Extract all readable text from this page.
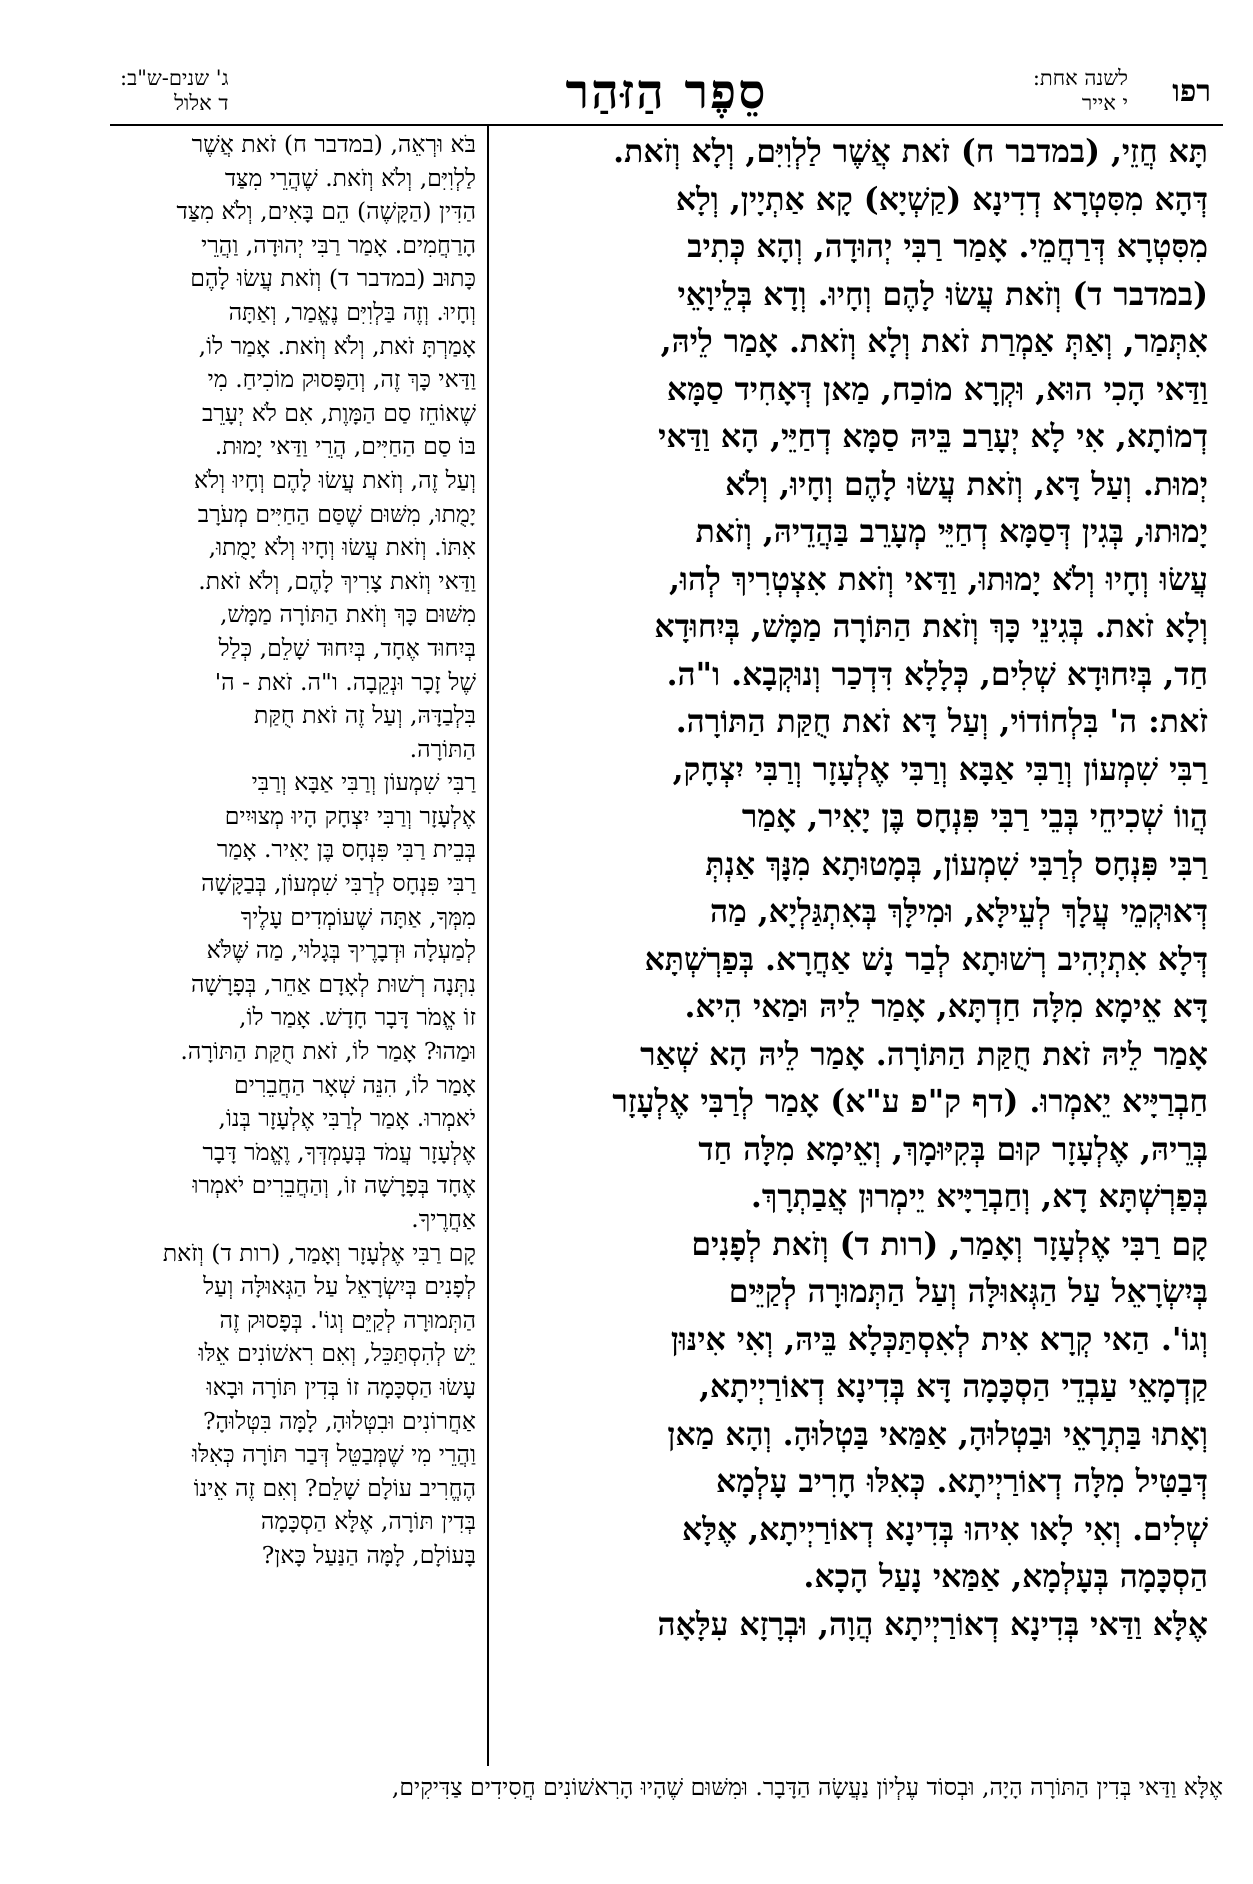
רפו
לשנה אחת:
י אייר
סֵפֶר הַזּהַר
ג' שנים-ש"ב:
ד אלול

תָּא חֲזֵי, (במדבר ח) זֹאת אֲשֶׁר לַלְוִיִּם, וְלָא וְזֹאת.

דְּהָא מִסִּטְרָא דְדִינָא (קַשְׁיָא) קָא אַתְיָין, וְלָא

מִסִּטְרָא דְּרַחֲמֵי. אָמַר רַבִּי יְהוּדָה, וְהָא כְּתִיב

(במדבר ד) וְזֹאת עֲשׂוּ לָהֶם וְחָיוּ. וְדָא בְּלֵיוָאֵי

אִתְּמַר, וְאַתְּ אַמְרַת זֹאת וְלָא וְזֹאת. אָמַר לֵיהּ,

וַדַּאי הָכִי הוּא, וּקְרָא מוֹכַח, מַאן דְּאָחִיד סַמָּא

דְמוֹתָא, אִי לָא יְעָרַב בֵּיהּ סַמָּא דְחַיֵּי, הָא וַדַּאי

יְמוּת. וְעַל דָּא, וְזֹאת עֲשׂוּ לָהֶם וְחָיוּ, וְלֹא

יָמוּתוּ, בְּגִין דְּסַמָּא דְחַיֵּי מְעָרֵב בַּהֲדֵיהּ, וְזֹאת

עֲשׂוּ וְחָיוּ וְלֹא יָמוּתוּ, וַדַּאי וְזֹאת אִצְטְרִיךְ לְהוּ,

וְלָא זֹאת. בְּגִינֵי כָּךְ וְזֹאת הַתּוֹרָה מַמָּשׁ, בְּיִחוּדָא

חַד, בְּיִחוּדָא שְׁלִים, כְּלָלָא דִּדְכַר וְנוּקְבָא. ו"ה.

זֹאת: ה' בִּלְחוֹדוֹי, וְעַל דָּא זֹאת חֻקַּת הַתּוֹרָה.

רַבִּי שִׁמְעוֹן וְרַבִּי אַבָּא וְרַבִּי אֶלְעָזָר וְרַבִּי יִצְחָק,

הֲווֹ שְׁכִיחֵי בְּבֵי רַבִּי פִּנְחָס בֶּן יָאִיר, אָמַר

רַבִּי פִּנְחָס לְרַבִּי שִׁמְעוֹן, בְּמָטוּתָא מִנָּךְ אַנְתְּ

דְּאוּקְמֵי עֲלָךְ לְעֵילָּא, וּמִילָּךְ בְּאִתְגַּלְיָא, מַה

דְּלָא אִתְיְהִיב רְשׁוּתָא לְבַר נָשׁ אַחֲרָא. בְּפַרְשְׁתָּא

דָּא אֵימָא מִלָּה חַדְתָּא, אָמַר לֵיהּ וּמַאי הִיא.

אָמַר לֵיהּ זֹאת חֻקַּת הַתּוֹרָה. אָמַר לֵיהּ הָא שְׁאַר

חַבְרַיָּיא יֵאמְרוּ. (דף ק"פ ע"א) אָמַר לְרַבִּי אֶלְעָזָר

בְּרֵיהּ, אֶלְעָזָר קוּם בְּקִיּוּמָךְ, וְאֵימָא מִלָּה חַד

בְּפַרְשְׁתָּא דָא, וְחַבְרַיָּיא יֵימְרוּן אֲבַתְרָךְ.

קָם רַבִּי אֶלְעָזָר וְאָמַר, (רות ד) וְזֹאת לְפָנִים

בְּיִשְׂרָאֵל עַל הַגְּאוּלָּה וְעַל הַתְּמוּרָה לְקַיֵּים

וְגוֹ'. הַאי קְרָא אִית לְאִסְתַּכְּלָא בֵּיהּ, וְאִי אִינּוּן

קַדְמָאֵי עַבְדֵי הַסְכָּמָה דָּא בְּדִינָא דְאוֹרַיְיתָא,

וְאָתוּ בַּתְרָאֵי וּבַטְלוּהָ, אַמַּאי בַּטְלוּהָ. וְהָא מַאן

דְּבַטִּיל מִלָּה דְאוֹרַיְיתָא. כְּאִלּוּ חָרִיב עָלְמָא

שְׁלִים. וְאִי לָאו אִיהוּ בְּדִינָא דְאוֹרַיְיתָא, אֶלָּא

הַסְכָּמָה בְּעָלְמָא, אַמַּאי נָעַל הָכָא.

אֶלָּא וַדַּאי בְּדִינָא דְאוֹרַיְיתָא הֲוָה, וּבְרָזָא עִלָּאָה

בֹּא וּרְאֵה, (במדבר ח) זֹאת אֲשֶׁר

לַלְוִיִּם, וְלֹא וְזֹאת. שֶׁהֲרֵי מִצַּד

הַדִּין (הַקָּשֶׁה) הֵם בָּאִים, וְלֹא מִצַּד

הָרַחֲמִים. אָמַר רַבִּי יְהוּדָה, וַהֲרֵי

כָּתוּב (במדבר ד) וְזֹאת עֲשׂוּ לָהֶם

וְחָיוּ. וְזֶה בַּלְוִיִּם נֶאֱמַר, וְאַתָּה

אָמַרְתָּ זֹאת, וְלֹא וְזֹאת. אָמַר לוֹ,

וַדַּאי כָּךְ זֶה, וְהַפָּסוּק מוֹכִיחַ. מִי

שֶׁאוֹחֵז סַם הַמָּוֶת, אִם לֹא יְעָרֵב

בּוֹ סַם הַחַיִּים, הֲרֵי וַדַּאי יָמוּת.

וְעַל זֶה, וְזֹאת עֲשׂוּ לָהֶם וְחָיוּ וְלֹא

יָמֻתוּ, מִשּׁוּם שֶׁסַּם הַחַיִּים מְעֹרָב

אִתּוֹ. וְזֹאת עֲשׂוּ וְחָיוּ וְלֹא יָמֻתוּ,

וַדַּאי וְזֹאת צָרִיךְ לָהֶם, וְלֹא זֹאת.

מִשּׁוּם כָּךְ וְזֹאת הַתּוֹרָה מַמָּשׁ,

בְּיִחוּד אֶחָד, בְּיִחוּד שָׁלֵם, כְּלַל

שֶׁל זָכָר וּנְקֵבָה. ו"ה. זֹאת - ה'

בִּלְבַדָּהּ, וְעַל זֶה זֹאת חֻקַּת

הַתּוֹרָה.

רַבִּי שִׁמְעוֹן וְרַבִּי אַבָּא וְרַבִּי

אֶלְעָזָר וְרַבִּי יִצְחָק הָיוּ מְצוּיִים

בְּבֵית רַבִּי פִּנְחָס בֶּן יָאִיר. אָמַר

רַבִּי פִּנְחָס לְרַבִּי שִׁמְעוֹן, בְּבַקָּשָׁה

מִמְּךָ, אַתָּה שֶׁעוֹמְדִים עָלֶיךָ

לְמַעְלָה וּדְבָרֶיךָ בְּגָלוּי, מַה שֶּׁלֹּא

נִתְּנָה רְשׁוּת לְאָדָם אַחֵר, בְּפָרָשָׁה

זוֹ אֱמֹר דָּבָר חָדָשׁ. אָמַר לוֹ,

וּמַהוּ? אָמַר לוֹ, זֹאת חֻקַּת הַתּוֹרָה.

אָמַר לוֹ, הִנֵּה שְׁאָר הַחֲבֵרִים

יֹאמְרוּ. אָמַר לְרַבִּי אֶלְעָזָר בְּנוֹ,

אֶלְעָזָר עֲמֹד בְּעָמְדְּךָ, וֶאֱמֹר דָּבָר

אֶחָד בְּפָרָשָׁה זוֹ, וְהַחֲבֵרִים יֹאמְרוּ

אַחֲרֶיךָ.

קָם רַבִּי אֶלְעָזָר וְאָמַר, (רות ד) וְזֹאת

לְפָנִים בְּיִשְׂרָאֵל עַל הַגְּאוּלָּה וְעַל

הַתְּמוּרָה לְקַיֵּם וְגוֹ'. בְּפָסוּק זֶה

יֵשׁ לְהִסְתַּכֵּל, וְאִם רִאשׁוֹנִים אֵלּוּ

עָשׂוּ הַסְכָּמָה זוֹ בְּדִין תּוֹרָה וּבָאוּ

אַחֲרוֹנִים וּבִטְּלוּהָ, לָמָּה בִּטְּלוּהָ?

וַהֲרֵי מִי שֶׁמְּבַטֵּל דְּבַר תּוֹרָה כְּאִלּוּ

הֶחֱרִיב עוֹלָם שָׁלֵם? וְאִם זֶה אֵינוֹ

בְּדִין תּוֹרָה, אֶלָּא הַסְכָּמָה

בָּעוֹלָם, לָמָּה הַנַּעַל כָּאן?

אֶלָּא וַדַּאי בְּדִין הַתּוֹרָה הָיָה, וּבְסוֹד עֶלְיוֹן נַעֲשָׂה הַדָּבָר. וּמִשּׁוּם שֶׁהָיוּ הָרִאשׁוֹנִים חֲסִידִים צַדִּיקִים,
